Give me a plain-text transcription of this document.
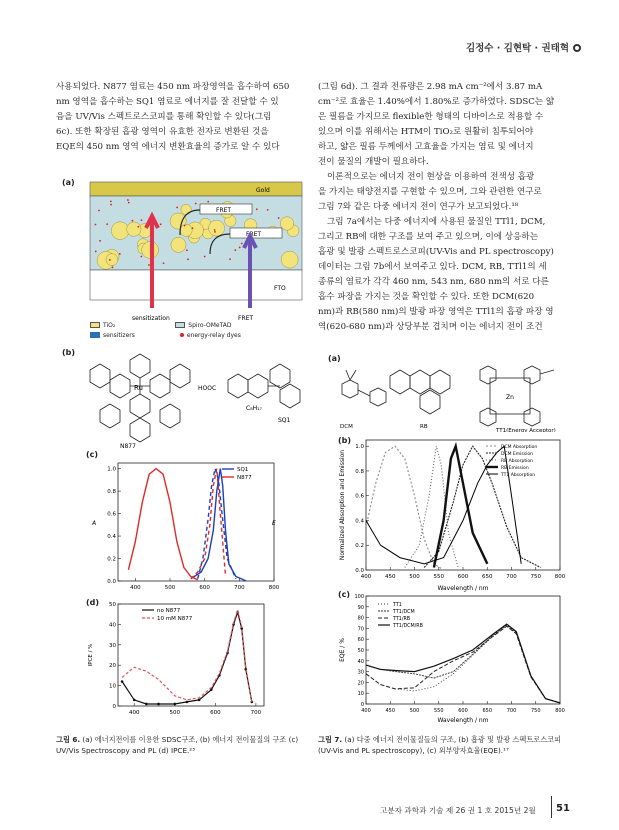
김정수 · 김현탁 · 권태혁

사용되었다. N877 염료는 450 nm 파장영역을 흡수하여 650

nm 영역을 흡수하는 SQ1 염료로 에너지를 잘 전달할 수 있

음을 UV/Vis 스펙트로스코피를 통해 확인할 수 있다(그림

6c). 또한 확장된 흡광 영역이 유효한 전자로 변환된 것을

EQE의 450 nm 영역 에너지 변환효율의 증가로 알 수 있다

(그림 6d). 그 결과 전류량은 2.98 mA cm⁻²에서 3.87 mA

cm⁻²로 효율은 1.40%에서 1.80%로 증가하였다. SDSC는 얇

은 필름을 가지므로 flexible한 형태의 디바이스로 적용할 수

있으며 이를 위해서는 HTM이 TiO₂로 원활히 침투되어야

하고, 얇은 필름 두께에서 고효율을 가지는 염료 및 에너지

전이 물질의 개발이 필요하다.

이론적으로는 에너지 전이 현상을 이용하여 전색성 흡광

을 가지는 태양전지를 구현할 수 있으며, 그와 관련한 연구로

그림 7와 같은 다중 에너지 전이 연구가 보고되었다.¹⁸

그림 7a에서는 다중 에너지에 사용된 물질인 TTl1, DCM,

그리고 RB에 대한 구조를 보여 주고 있으며, 이에 상응하는

흡광 및 발광 스펙트로스코피(UV-Vis and PL spectroscopy)

데이터는 그림 7b에서 보여주고 있다. DCM, RB, TTl1의 세

종류의 염료가 각각 460 nm, 543 nm, 680 nm의 서로 다른

흡수 파장을 가지는 것을 확인할 수 있다. 또한 DCM(620

nm)과 RB(580 nm)의 발광 파장 영역은 TTl1의 흡광 파장 영

역(620-680 nm)과 상당부분 겹치며 이는 에너지 전이 조건

(a)
Gold
FTO
FRET
FRET
sensitization	FRET
TiO₂	Spiro-OMeTAD
sensitizers	energy-relay dyes
(b)
Ru
N877
HOOC
C₈H₁₇
SQ1
(c)
400	500	600	700	800
0.0
0.2
0.4
0.6
0.8
1.0	SQ1
N877
A	E
(d)
400	500	600	700
0
10
20
30
40
50
no N877
10 mM N877
IPCE / %
그림 6. (a) 에너지전이를 이용한 SDSC구조, (b) 에너지 전이물질의 구조 (c) UV/Vis Spectroscopy and PL (d) IPCE.²³
(a)
DCM	RB
Zn
TT1(Energy Acceptor)
(b)
400	450	500	550	600	650	700	750	800
0.0
0.2
0.4
0.6
0.8
1.0	DCM Absorption
DCM Emission
RB Absorption
RB Emission
TT1 Absorption
Normalized Absorption and Emission
Wavelength / nm
(c)
400	450	500	550	600	650	700	750	800
0
10
20
30
40
50
60
70
80
90
100
TT1
TT1/DCM
TT1/RB
TT1/DCM/RB
EQE / %
Wavelength / nm
그림 7. (a) 다중 에너지 전이물질들의 구조, (b) 흡광 및 발광 스펙트로스코피(UV-Vis and PL spectroscopy), (c) 외부양자효율(EQE).¹⁷
고분자 과학과 기술 제 26 권 1 호 2015년 2월 51
